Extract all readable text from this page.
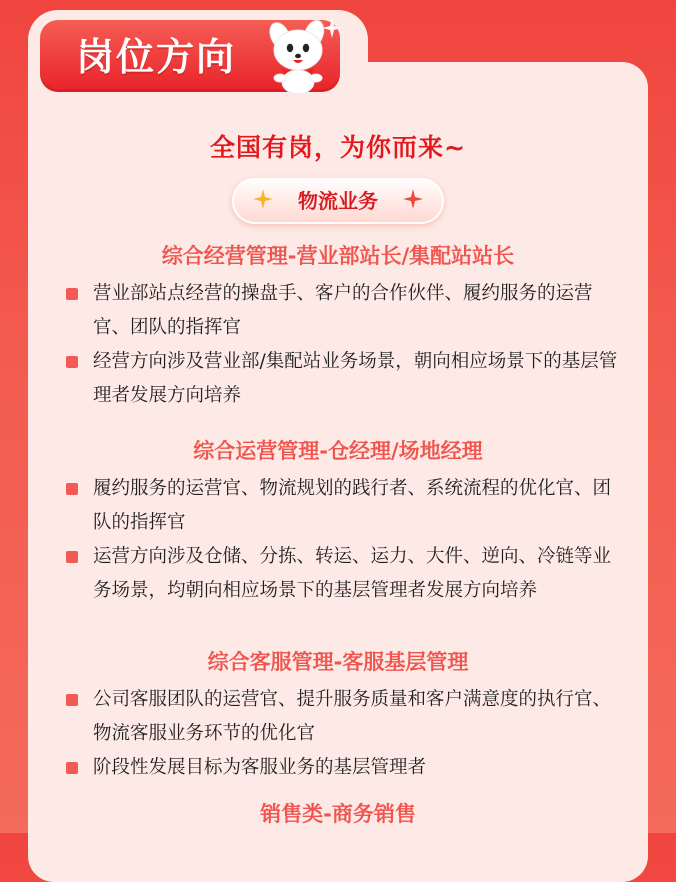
岗位方向
全国有岗，为你而来~
物流业务
综合经营管理-营业部站长/集配站站长
营业部站点经营的操盘手、客户的合作伙伴、履约服务的运营官、团队的指挥官
经营方向涉及营业部/集配站业务场景，朝向相应场景下的基层管理者发展方向培养
综合运营管理-仓经理/场地经理
履约服务的运营官、物流规划的践行者、系统流程的优化官、团队的指挥官
运营方向涉及仓储、分拣、转运、运力、大件、逆向、冷链等业务场景，均朝向相应场景下的基层管理者发展方向培养
综合客服管理-客服基层管理
公司客服团队的运营官、提升服务质量和客户满意度的执行官、物流客服业务环节的优化官
阶段性发展目标为客服业务的基层管理者
销售类-商务销售
